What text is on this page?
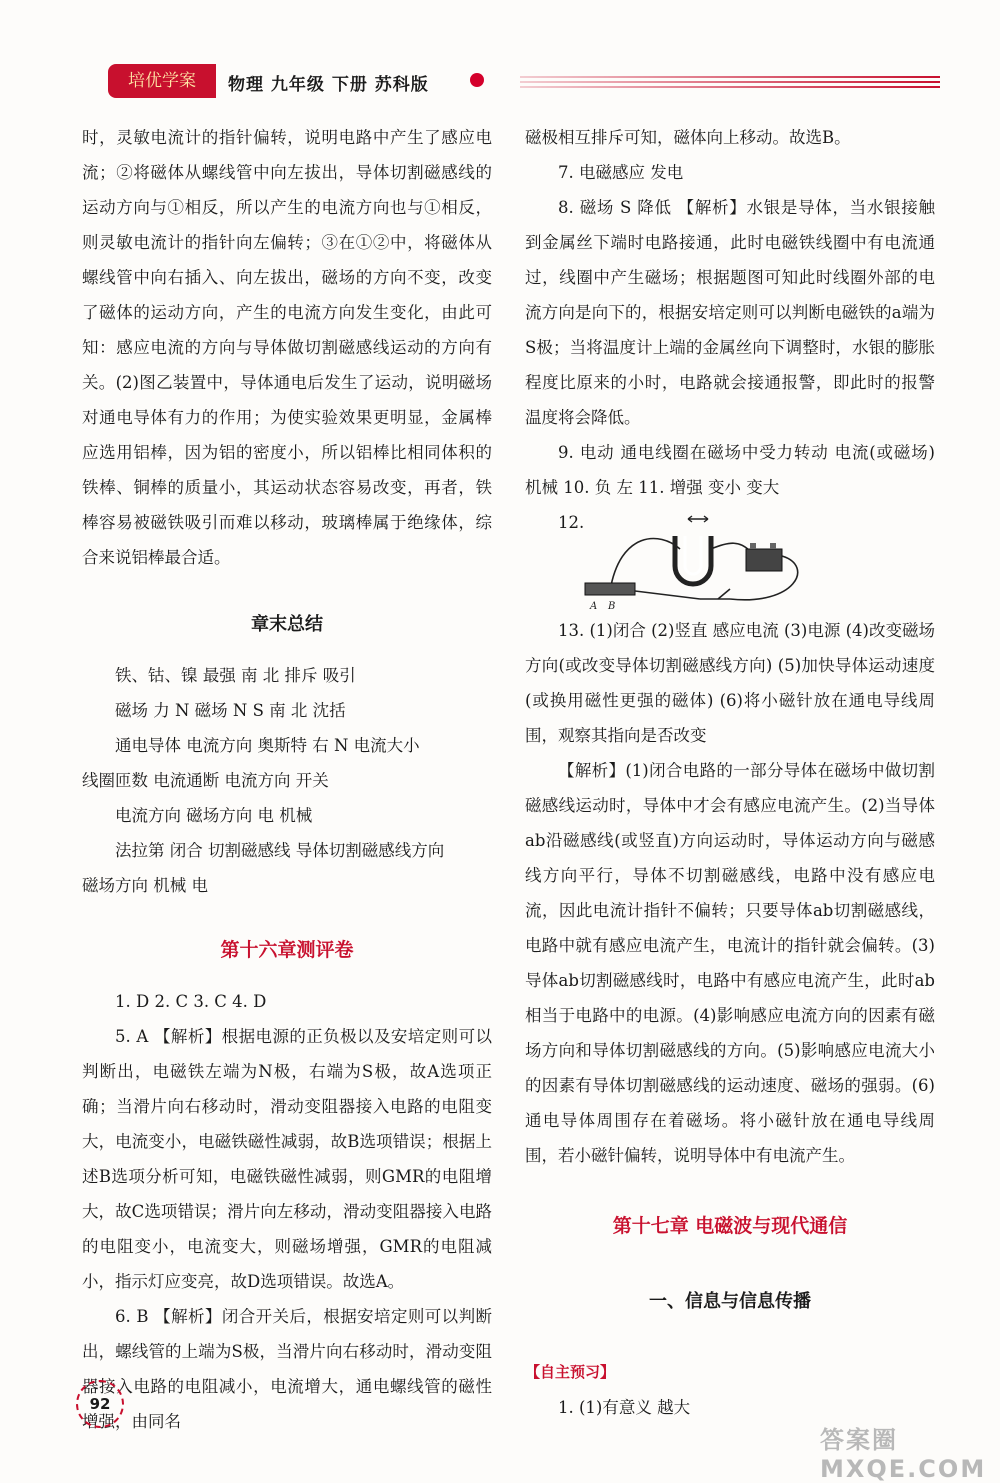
培优学案	物理 九年级 下册 苏科版

时，灵敏电流计的指针偏转，说明电路中产生了感应电流；②将磁体从螺线管中向左拔出，导体切割磁感线的运动方向与①相反，所以产生的电流方向也与①相反，则灵敏电流计的指针向左偏转；③在①②中，将磁体从螺线管中向右插入、向左拔出，磁场的方向不变，改变了磁体的运动方向，产生的电流方向发生变化，由此可知：感应电流的方向与导体做切割磁感线运动的方向有关。(2)图乙装置中，导体通电后发生了运动，说明磁场对通电导体有力的作用；为使实验效果更明显，金属棒应选用铝棒，因为铝的密度小，所以铝棒比相同体积的铁棒、铜棒的质量小，其运动状态容易改变，再者，铁棒容易被磁铁吸引而难以移动，玻璃棒属于绝缘体，综合来说铝棒最合适。

章末总结

铁、钴、镍 最强 南 北 排斥 吸引

磁场 力 N 磁场 N S 南 北 沈括

通电导体 电流方向 奥斯特 右 N 电流大小

线圈匝数 电流通断 电流方向 开关

电流方向 磁场方向 电 机械

法拉第 闭合 切割磁感线 导体切割磁感线方向

磁场方向 机械 电

第十六章测评卷

1. D 2. C 3. C 4. D

5. A 【解析】根据电源的正负极以及安培定则可以判断出，电磁铁左端为N极，右端为S极，故A选项正确；当滑片向右移动时，滑动变阻器接入电路的电阻变大，电流变小，电磁铁磁性减弱，故B选项错误；根据上述B选项分析可知，电磁铁磁性减弱，则GMR的电阻增大，故C选项错误；滑片向左移动，滑动变阻器接入电路的电阻变小，电流变大，则磁场增强，GMR的电阻减小，指示灯应变亮，故D选项错误。故选A。

6. B 【解析】闭合开关后，根据安培定则可以判断出，螺线管的上端为S极，当滑片向右移动时，滑动变阻器接入电路的电阻减小，电流增大，通电螺线管的磁性增强，由同名

磁极相互排斥可知，磁体向上移动。故选B。

7. 电磁感应 发电

8. 磁场 S 降低 【解析】水银是导体，当水银接触到金属丝下端时电路接通，此时电磁铁线圈中有电流通过，线圈中产生磁场；根据题图可知此时线圈外部的电流方向是向下的，根据安培定则可以判断电磁铁的a端为S极；当将温度计上端的金属丝向下调整时，水银的膨胀程度比原来的小时，电路就会接通报警，即此时的报警温度将会降低。

9. 电动 通电线圈在磁场中受力转动 电流(或磁场) 机械 10. 负 左 11. 增强 变小 变大

12.

A B

13. (1)闭合 (2)竖直 感应电流 (3)电源 (4)改变磁场方向(或改变导体切割磁感线方向) (5)加快导体运动速度(或换用磁性更强的磁体) (6)将小磁针放在通电导线周围，观察其指向是否改变

【解析】(1)闭合电路的一部分导体在磁场中做切割磁感线运动时，导体中才会有感应电流产生。(2)当导体ab沿磁感线(或竖直)方向运动时，导体运动方向与磁感线方向平行，导体不切割磁感线，电路中没有感应电流，因此电流计指针不偏转；只要导体ab切割磁感线，电路中就有感应电流产生，电流计的指针就会偏转。(3)导体ab切割磁感线时，电路中有感应电流产生，此时ab相当于电路中的电源。(4)影响感应电流方向的因素有磁场方向和导体切割磁感线的方向。(5)影响感应电流大小的因素有导体切割磁感线的运动速度、磁场的强弱。(6)通电导体周围存在着磁场。将小磁针放在通电导线周围，若小磁针偏转，说明导体中有电流产生。

第十七章 电磁波与现代通信

一、信息与信息传播

【自主预习】

1. (1)有意义 越大

92
答案圈 MXQE.COM
